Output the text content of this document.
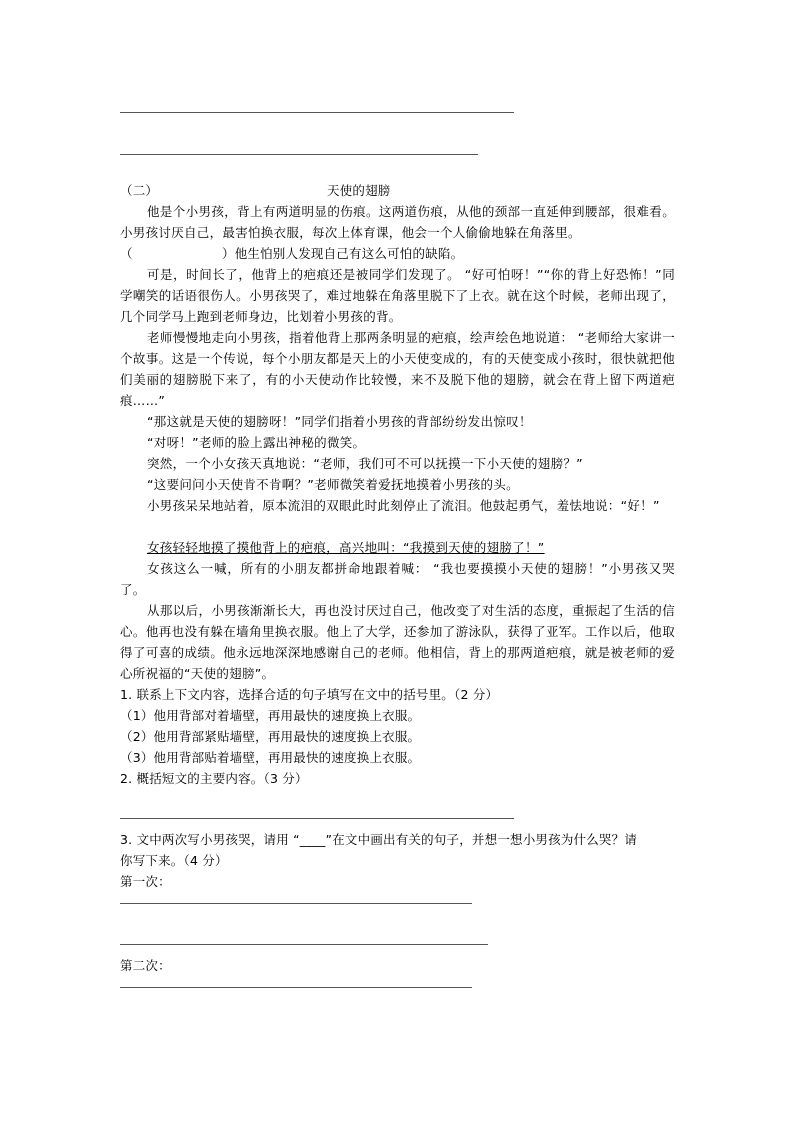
（二）	天使的翅膀
他是个小男孩，背上有两道明显的伤痕。这两道伤痕，从他的颈部一直延伸到腰部，很难看。小男孩讨厌自己，最害怕换衣服，每次上体育课，他会一个人偷偷地躲在角落里。
（	）他生怕别人发现自己有这么可怕的缺陷。
可是，时间长了，他背上的疤痕还是被同学们发现了。 “好可怕呀！”“你的背上好恐怖！”同学嘲笑的话语很伤人。小男孩哭了，难过地躲在角落里脱下了上衣。就在这个时候，老师出现了，几个同学马上跑到老师身边，比划着小男孩的背。
老师慢慢地走向小男孩，指着他背上那两条明显的疤痕，绘声绘色地说道： “老师给大家讲一个故事。这是一个传说，每个小朋友都是天上的小天使变成的，有的天使变成小孩时，很快就把他们美丽的翅膀脱下来了，有的小天使动作比较慢，来不及脱下他的翅膀，就会在背上留下两道疤痕……”
“那这就是天使的翅膀呀！”同学们指着小男孩的背部纷纷发出惊叹！
“对呀！”老师的脸上露出神秘的微笑。
突然，一个小女孩天真地说：“老师，我们可不可以抚摸一下小天使的翅膀？”
“这要问问小天使肯不肯啊？”老师微笑着爱抚地摸着小男孩的头。
小男孩呆呆地站着，原本流泪的双眼此时此刻停止了流泪。他鼓起勇气，羞怯地说：“好！”
女孩轻轻地摸了摸他背上的疤痕，高兴地叫：“我摸到天使的翅膀了！”
女孩这么一喊，所有的小朋友都拼命地跟着喊： “我也要摸摸小天使的翅膀！”小男孩又哭了。
从那以后，小男孩渐渐长大，再也没讨厌过自己，他改变了对生活的态度，重振起了生活的信心。他再也没有躲在墙角里换衣服。他上了大学，还参加了游泳队，获得了亚军。工作以后，他取得了可喜的成绩。他永远地深深地感谢自己的老师。他相信，背上的那两道疤痕，就是被老师的爱心所祝福的“天使的翅膀”。
1. 联系上下文内容，选择合适的句子填写在文中的括号里。（2 分）
（1）他用背部对着墙壁，再用最快的速度换上衣服。
（2）他用背部紧贴墙壁，再用最快的速度换上衣服。
（3）他用背部贴着墙壁，再用最快的速度换上衣服。
2. 概括短文的主要内容。（3 分）
3. 文中两次写小男孩哭，请用 “____”在文中画出有关的句子，并想一想小男孩为什么哭？请
你写下来。（4 分）
第一次：
第二次：
